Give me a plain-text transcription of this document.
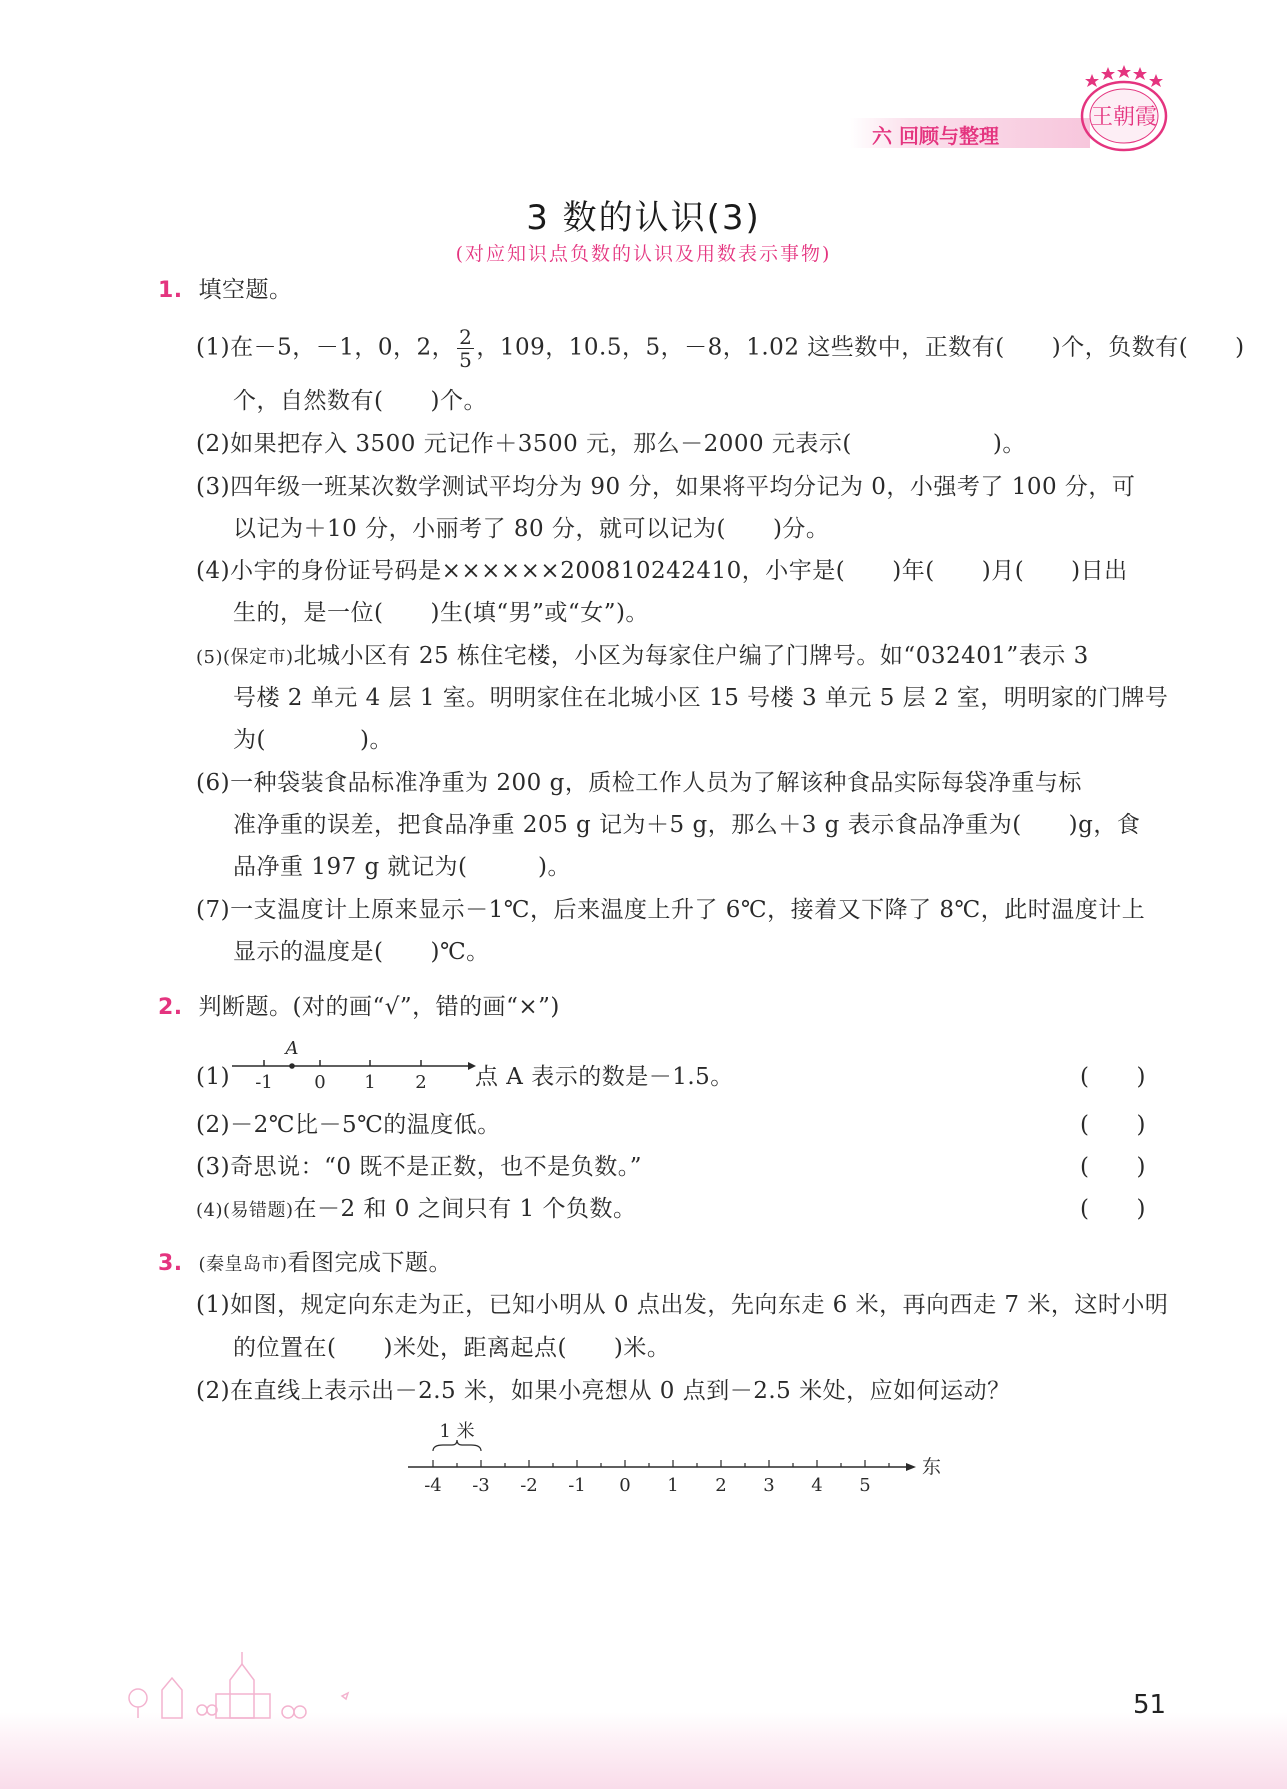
六 回顾与整理
王朝霞
3 数的认识(3)
(对应知识点负数的认识及用数表示事物)
1. 填空题。
(1)在－5，－1，0，2， $\frac{2}{5}$ ，109，10.5，5，－8，1.02 这些数中，正数有(　　)个，负数有(　　)
个，自然数有(　　)个。
(2)如果把存入 3500 元记作＋3500 元，那么－2000 元表示(　　　　　　)。
(3)四年级一班某次数学测试平均分为 90 分，如果将平均分记为 0，小强考了 100 分，可
以记为＋10 分，小丽考了 80 分，就可以记为(　　)分。
(4)小宇的身份证号码是××××××200810242410，小宇是(　　)年(　　)月(　　)日出
生的，是一位(　　)生(填“男”或“女”)。
(5)(保定市)北城小区有 25 栋住宅楼，小区为每家住户编了门牌号。如“032401”表示 3
号楼 2 单元 4 层 1 室。明明家住在北城小区 15 号楼 3 单元 5 层 2 室，明明家的门牌号
为(　　　　)。
(6)一种袋装食品标准净重为 200 g，质检工作人员为了解该种食品实际每袋净重与标
准净重的误差，把食品净重 205 g 记为＋5 g，那么＋3 g 表示食品净重为(　　)g，食
品净重 197 g 就记为(　　　)。
(7)一支温度计上原来显示－1℃，后来温度上升了 6℃，接着又下降了 8℃，此时温度计上
显示的温度是(　　)℃。
2. 判断题。(对的画“√”，错的画“×”)
(1)
A
-1 0 1 2 点 A 表示的数是－1.5。	(　　)
(2)－2℃比－5℃的温度低。	(　　)
(3)奇思说：“0 既不是正数，也不是负数。”	(　　)
(4)(易错题)在－2 和 0 之间只有 1 个负数。	(　　)
3. (秦皇岛市)看图完成下题。
(1)如图，规定向东走为正，已知小明从 0 点出发，先向东走 6 米，再向西走 7 米，这时小明
的位置在(　　)米处，距离起点(　　)米。
(2)在直线上表示出－2.5 米，如果小亮想从 0 点到－2.5 米处，应如何运动？
1 米
-4 -3 -2 -1 0 1 2 3 4 5
东
51
